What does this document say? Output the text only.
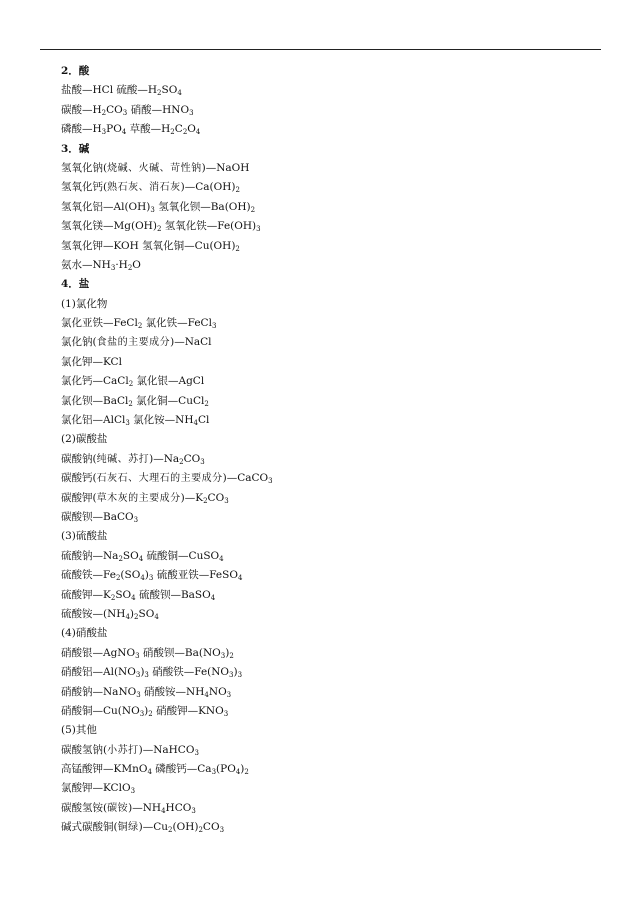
2．酸
盐酸—HCl 硫酸$—H_2SO_4$
碳酸$—H_2CO_3$ 硝酸$—HNO_3$
磷酸$—H_3PO_4$ 草酸$—H_2C_2O_4$
3．碱
氢氧化钠(烧碱、火碱、苛性钠)—NaOH
氢氧化钙(熟石灰、消石灰)$—Ca(OH)_2$
氢氧化铝$—Al(OH)_3$ 氢氧化钡$—Ba(OH)_2$
氢氧化镁$—Mg(OH)_2$ 氢氧化铁$—Fe(OH)_3$
氢氧化钾—KOH 氢氧化铜$—Cu(OH)_2$
氨水$—NH_3\cdot H_2O$
4．盐
(1)氯化物
氯化亚铁—FeCl$_2$ 氯化铁—FeCl$_3$
氯化钠(食盐的主要成分)—NaCl
氯化钾—KCl
氯化钙—CaCl$_2$ 氯化银—AgCl
氯化钡—BaCl$_2$ 氯化铜—CuCl$_2$
氯化铝—AlCl$_3$ 氯化铵$—NH_4Cl$
(2)碳酸盐
碳酸钠(纯碱、苏打)$—Na_2CO_3$
碳酸钙(石灰石、大理石的主要成分)—CaCO$_3$
碳酸钾(草木灰的主要成分)$—K_2CO_3$
碳酸钡—BaCO$_3$
(3)硫酸盐
硫酸钠$—Na_2SO_4$ 硫酸铜—CuSO$_4$
硫酸铁$—Fe_2(SO_4)_3$ 硫酸亚铁—FeSO$_4$
硫酸钾$—K_2SO_4$ 硫酸钡—BaSO$_4$
硫酸铵$—(NH_4)_2SO_4$
(4)硝酸盐
硝酸银—AgNO$_3$ 硝酸钡$—Ba(NO_3)_2$
硝酸铝$—Al(NO_3)_3$ 硝酸铁$—Fe(NO_3)_3$
硝酸钠—NaNO$_3$ 硝酸铵$—NH_4NO_3$
硝酸铜$—Cu(NO_3)_2$ 硝酸钾$—KNO_3$
(5)其他
碳酸氢钠(小苏打)—NaHCO$_3$
高锰酸钾—KMnO$_4$ 磷酸钙$—Ca_3(PO_4)_2$
氯酸钾—KClO$_3$
碳酸氢铵(碳铵)$—NH_4HCO_3$
碱式碳酸铜(铜绿)$—Cu_2(OH)_2CO_3$
